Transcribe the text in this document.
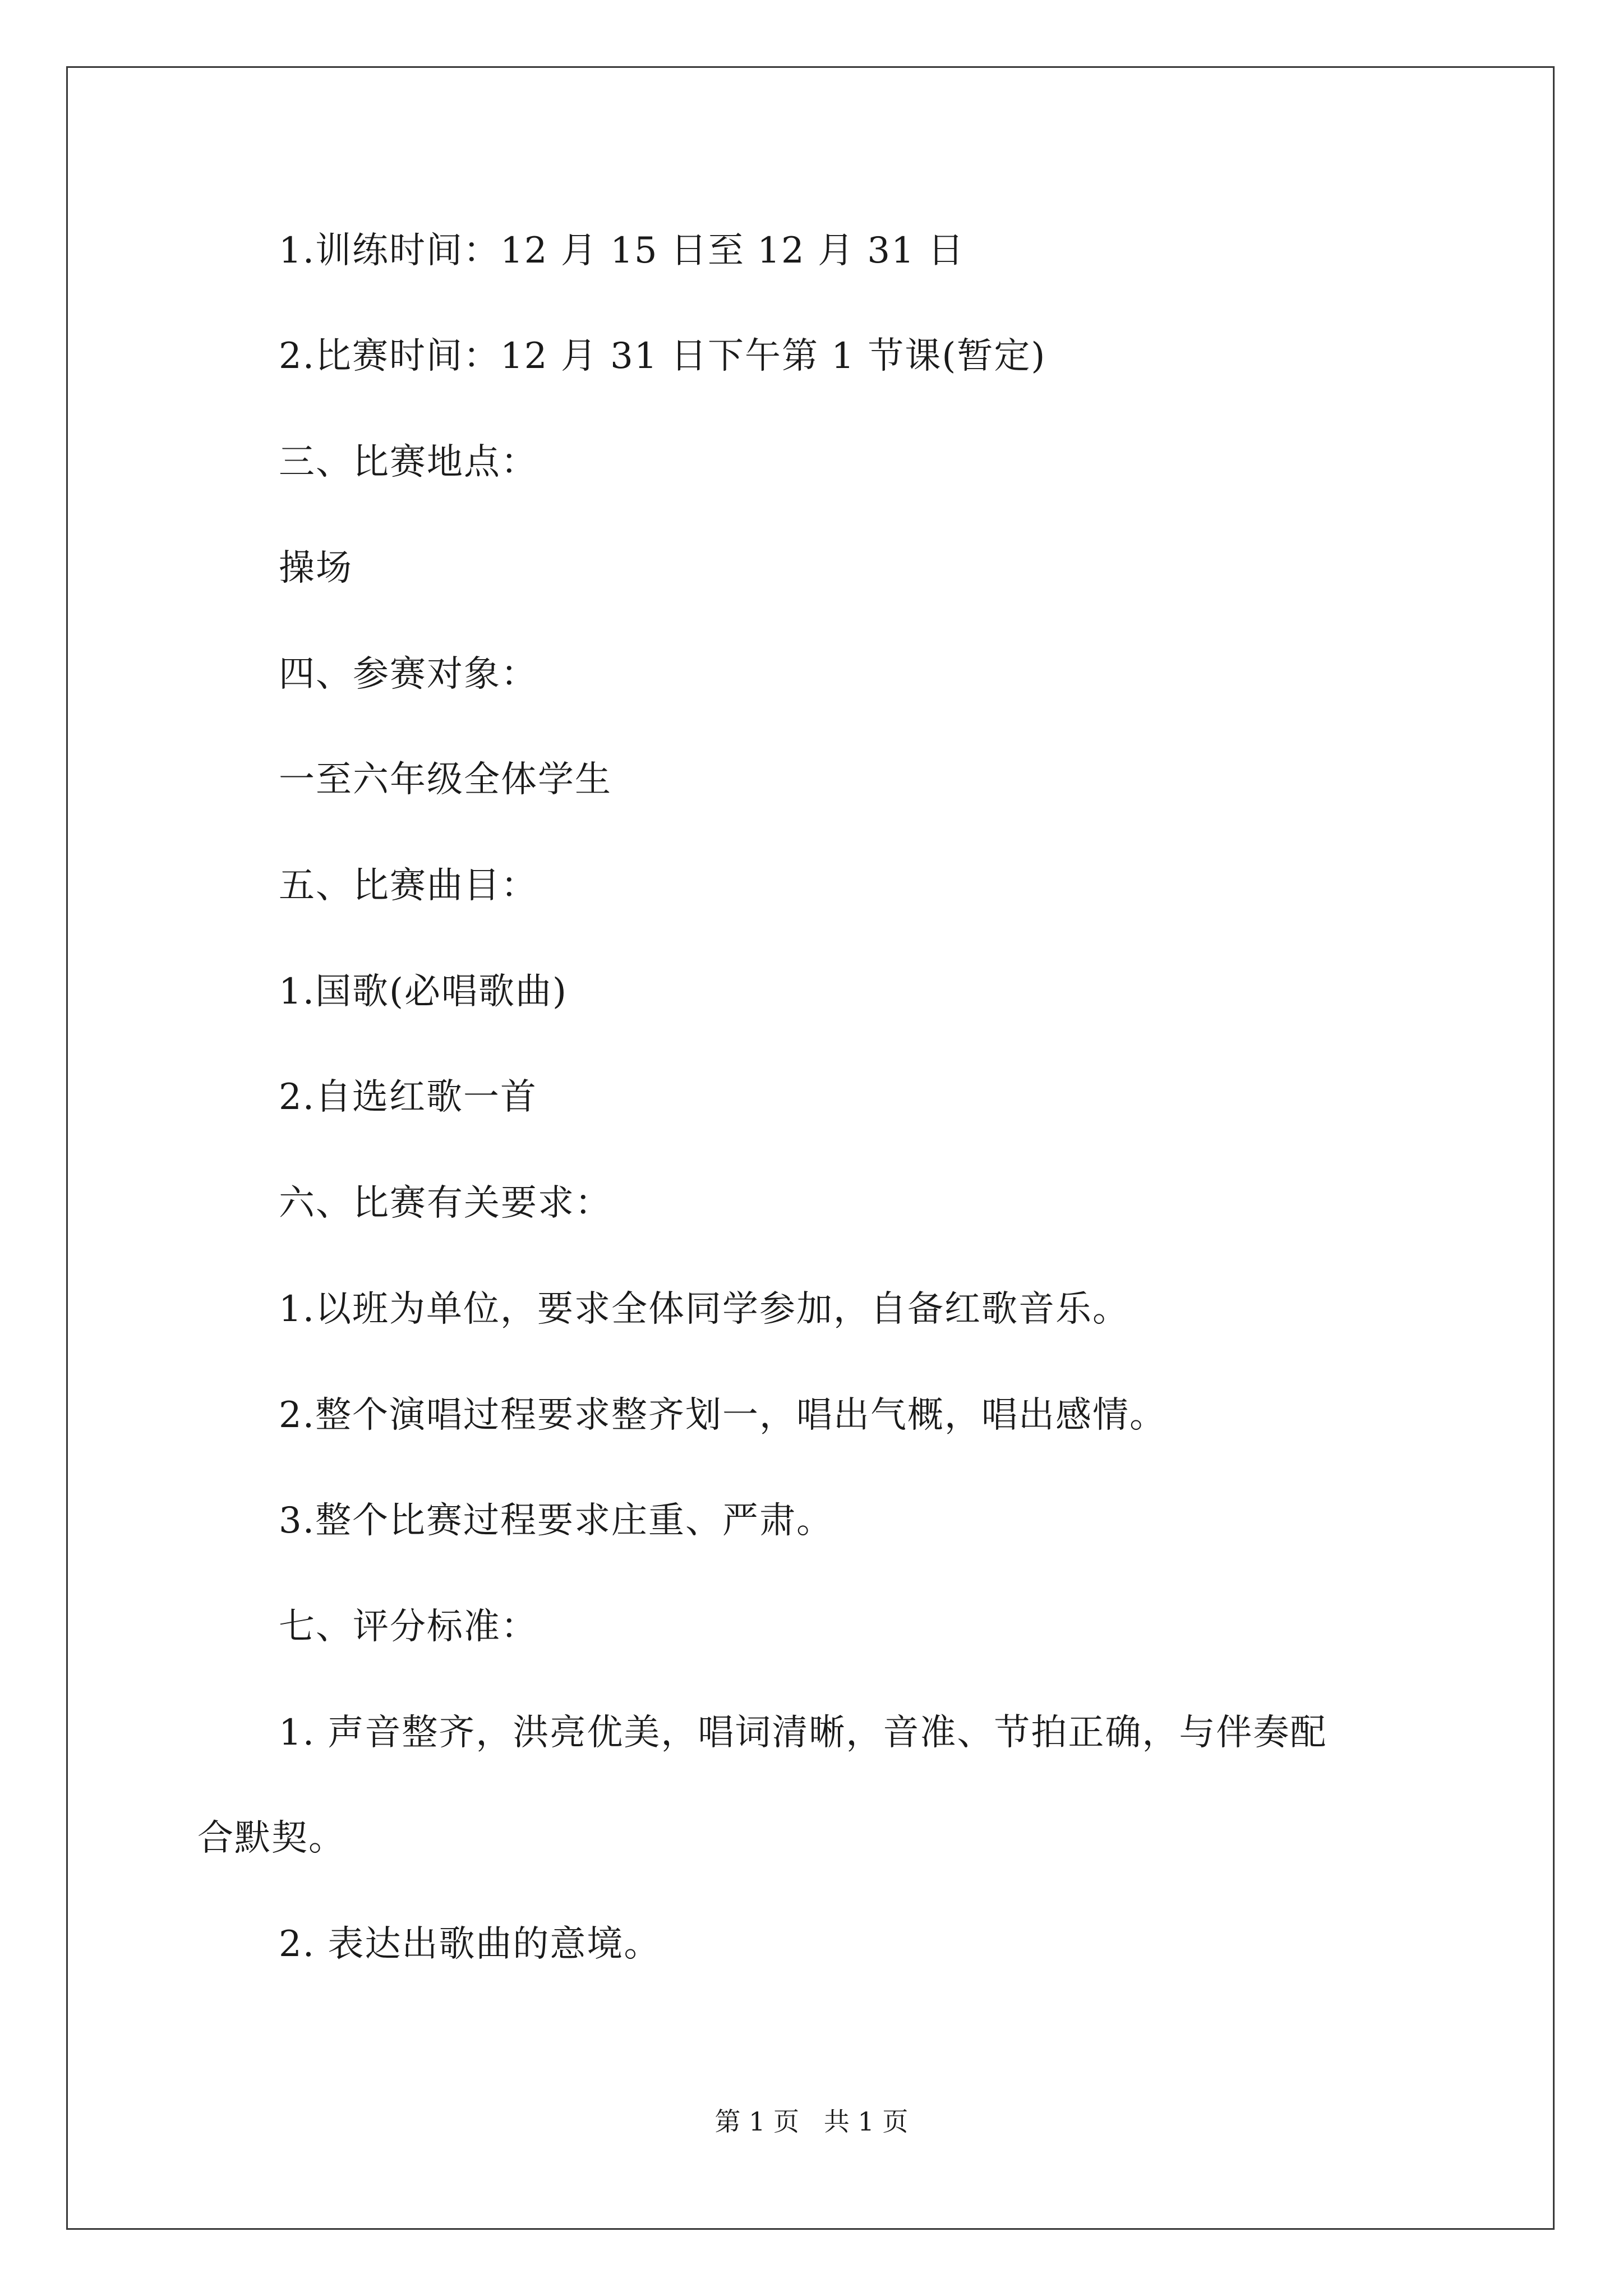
1.训练时间：12 月 15 日至 12 月 31 日

2.比赛时间：12 月 31 日下午第 1 节课(暂定)

三、比赛地点：

操场

四、参赛对象：

一至六年级全体学生

五、比赛曲目：

1.国歌(必唱歌曲)

2.自选红歌一首

六、比赛有关要求：

1.以班为单位，要求全体同学参加，自备红歌音乐。

2.整个演唱过程要求整齐划一，唱出气概，唱出感情。

3.整个比赛过程要求庄重、严肃。

七、评分标准：

1. 声音整齐，洪亮优美，唱词清晰，音准、节拍正确，与伴奏配

合默契。

2. 表达出歌曲的意境。

第 1 页   共 1 页
